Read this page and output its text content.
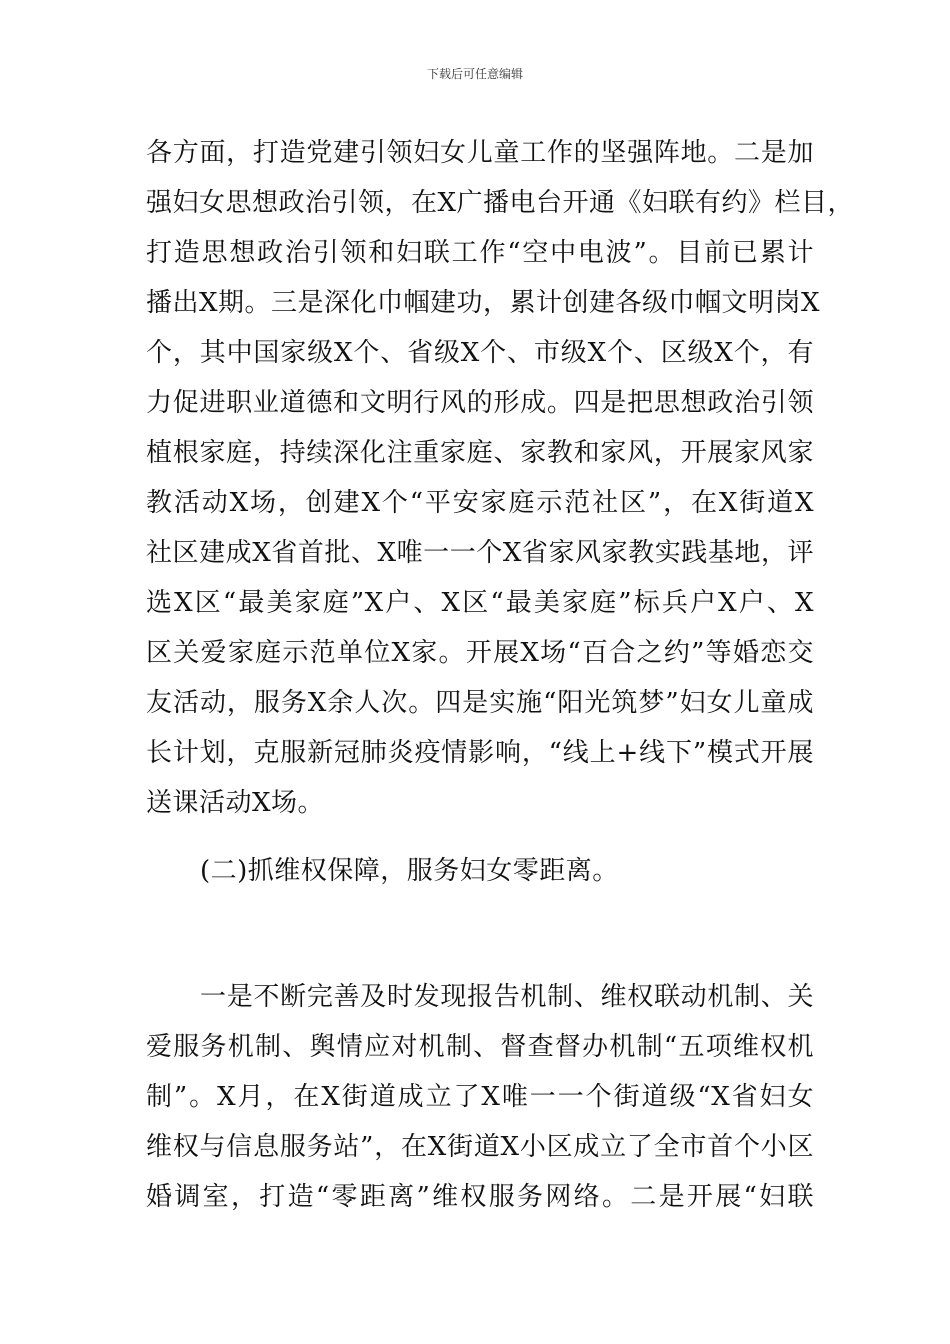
下载后可任意编辑
各方面，打造党建引领妇女儿童工作的坚强阵地。二是加
强妇女思想政治引领，在X广播电台开通《妇联有约》栏目，
打造思想政治引领和妇联工作“空中电波”。目前已累计
播出X期。三是深化巾帼建功，累计创建各级巾帼文明岗X
个，其中国家级X个、省级X个、市级X个、区级X个，有
力促进职业道德和文明行风的形成。四是把思想政治引领
植根家庭，持续深化注重家庭、家教和家风，开展家风家
教活动X场，创建X个“平安家庭示范社区”，在X街道X
社区建成X省首批、X唯一一个X省家风家教实践基地，评
选X区“最美家庭”X户、X区“最美家庭”标兵户X户、X
区关爱家庭示范单位X家。开展X场“百合之约”等婚恋交
友活动，服务X余人次。四是实施“阳光筑梦”妇女儿童成
长计划，克服新冠肺炎疫情影响，“线上+线下”模式开展
送课活动X场。
(二)抓维权保障，服务妇女零距离。
一是不断完善及时发现报告机制、维权联动机制、关
爱服务机制、舆情应对机制、督查督办机制“五项维权机
制”。X月，在X街道成立了X唯一一个街道级“X省妇女
维权与信息服务站”，在X街道X小区成立了全市首个小区
婚调室，打造“零距离”维权服务网络。二是开展“妇联
